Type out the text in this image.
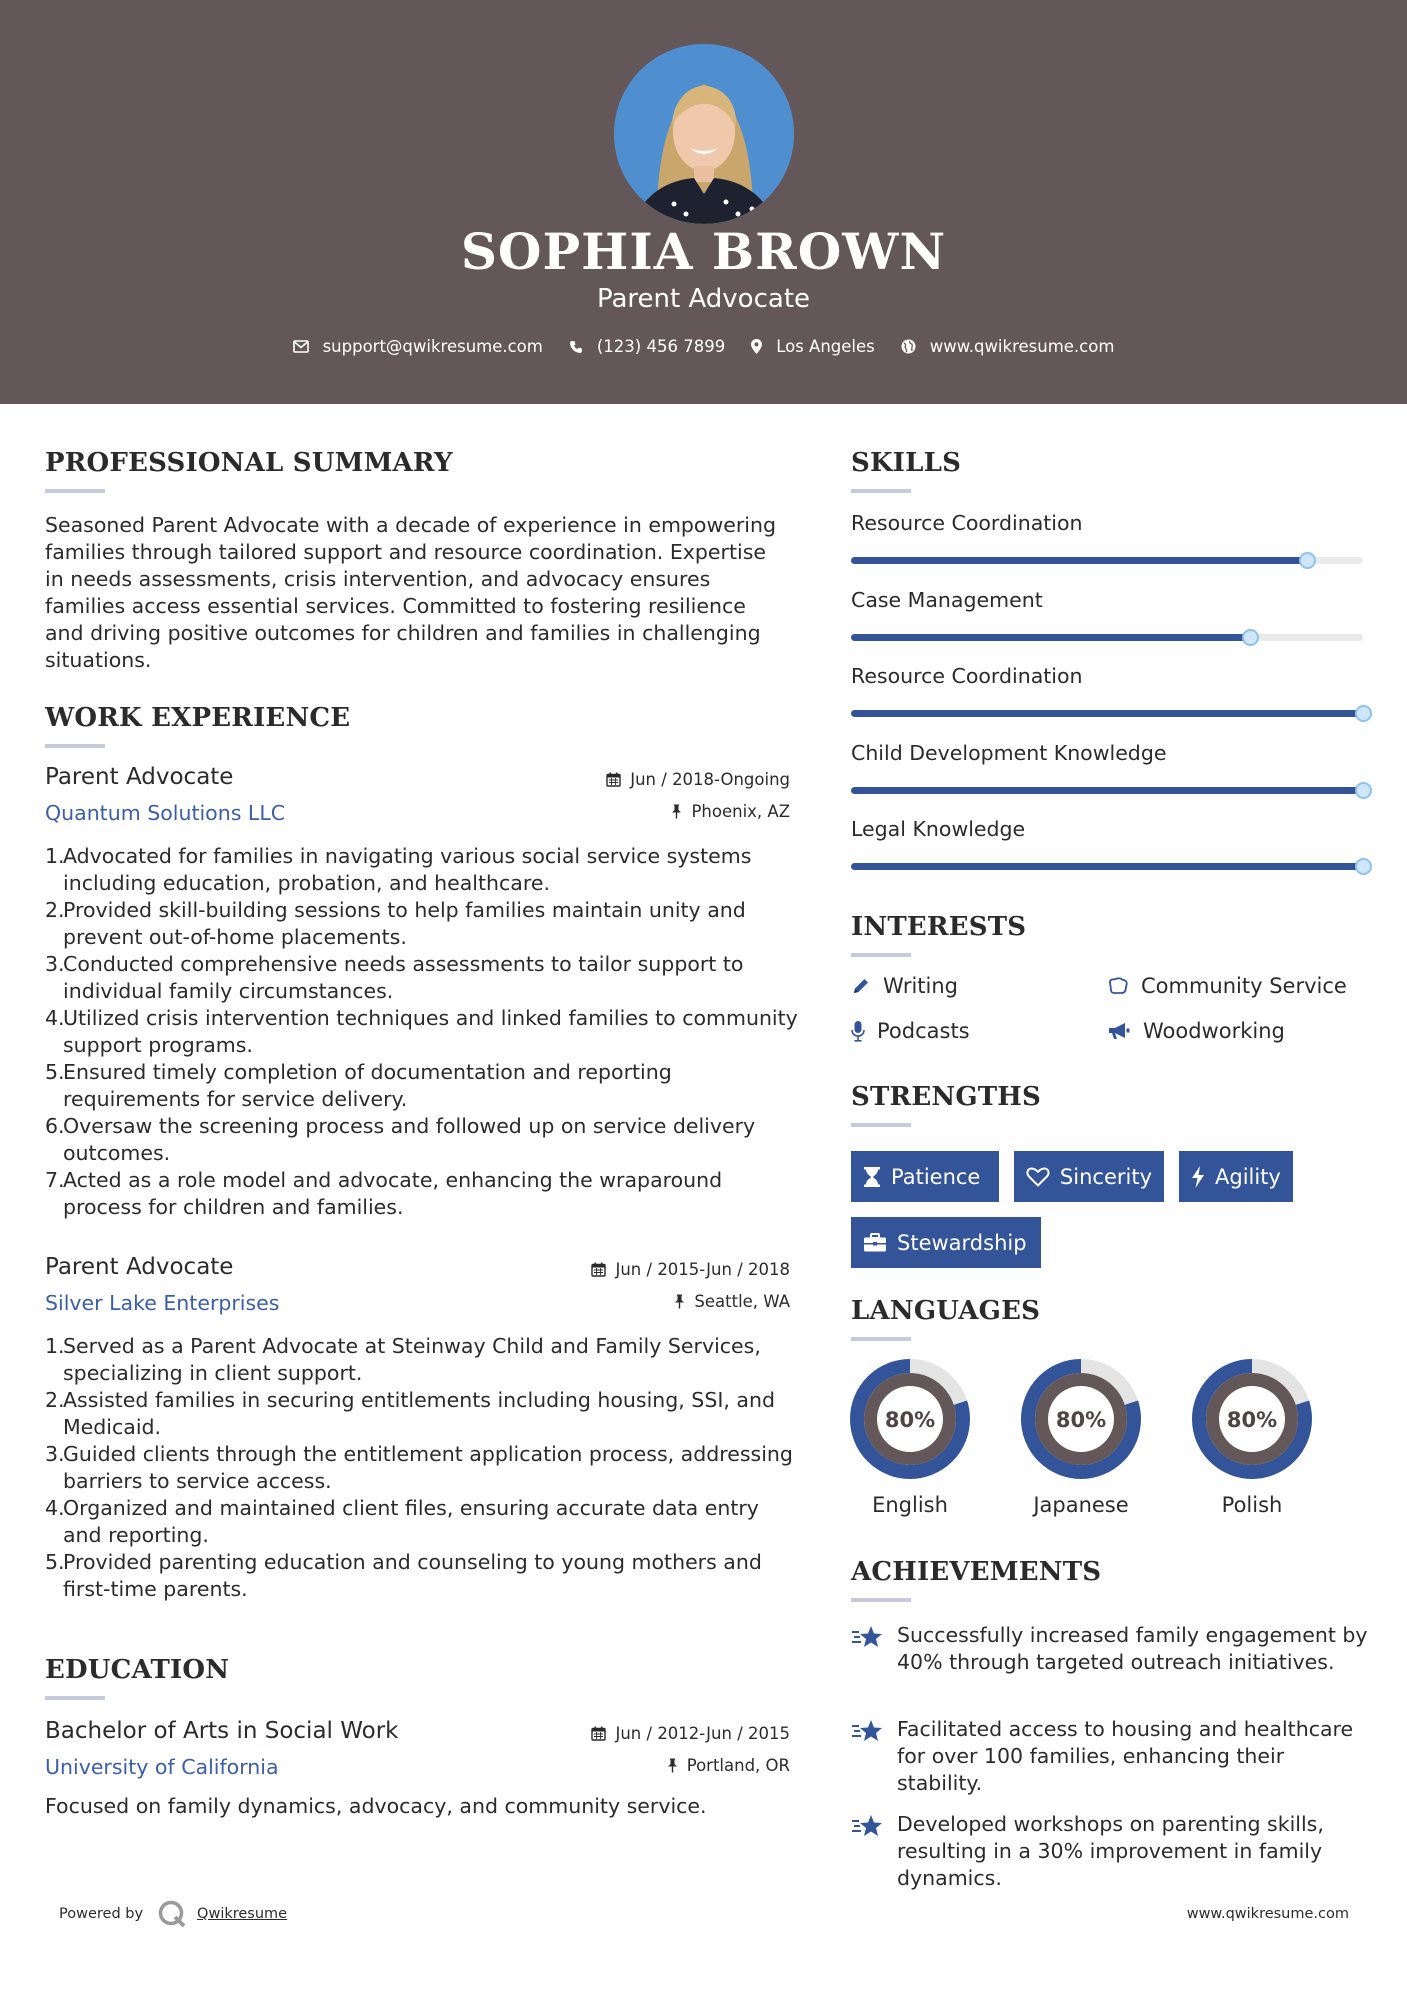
SOPHIA BROWN
Parent Advocate
support@qwikresume.com	(123) 456 7899	Los Angeles	www.qwikresume.com
PROFESSIONAL SUMMARY
Seasoned Parent Advocate with a decade of experience in empowering families through tailored support and resource coordination. Expertise in needs assessments, crisis intervention, and advocacy ensures families access essential services. Committed to fostering resilience and driving positive outcomes for children and families in challenging situations.
WORK EXPERIENCE
Parent Advocate
Quantum Solutions LLC
Jun / 2018-Ongoing
Phoenix, AZ
1.Advocated for families in navigating various social service systems including education, probation, and healthcare.
2.Provided skill-building sessions to help families maintain unity and prevent out-of-home placements.
3.Conducted comprehensive needs assessments to tailor support to individual family circumstances.
4.Utilized crisis intervention techniques and linked families to community support programs.
5.Ensured timely completion of documentation and reporting requirements for service delivery.
6.Oversaw the screening process and followed up on service delivery outcomes.
7.Acted as a role model and advocate, enhancing the wraparound process for children and families.
Parent Advocate
Silver Lake Enterprises
Jun / 2015-Jun / 2018
Seattle, WA
1.Served as a Parent Advocate at Steinway Child and Family Services, specializing in client support.
2.Assisted families in securing entitlements including housing, SSI, and Medicaid.
3.Guided clients through the entitlement application process, addressing barriers to service access.
4.Organized and maintained client files, ensuring accurate data entry and reporting.
5.Provided parenting education and counseling to young mothers and first-time parents.
EDUCATION
Bachelor of Arts in Social Work
University of California
Jun / 2012-Jun / 2015
Portland, OR
Focused on family dynamics, advocacy, and community service.
SKILLS
Resource Coordination
Case Management
Resource Coordination
Child Development Knowledge
Legal Knowledge
INTERESTS
Writing	Community Service
Podcasts	Woodworking
STRENGTHS
Patience	Sincerity	Agility
Stewardship
LANGUAGES
80%
English
80%
Japanese
80%
Polish
ACHIEVEMENTS
Successfully increased family engagement by 40% through targeted outreach initiatives.
Facilitated access to housing and healthcare for over 100 families, enhancing their stability.
Developed workshops on parenting skills, resulting in a 30% improvement in family dynamics.
Powered by	Qwikresume	www.qwikresume.com
